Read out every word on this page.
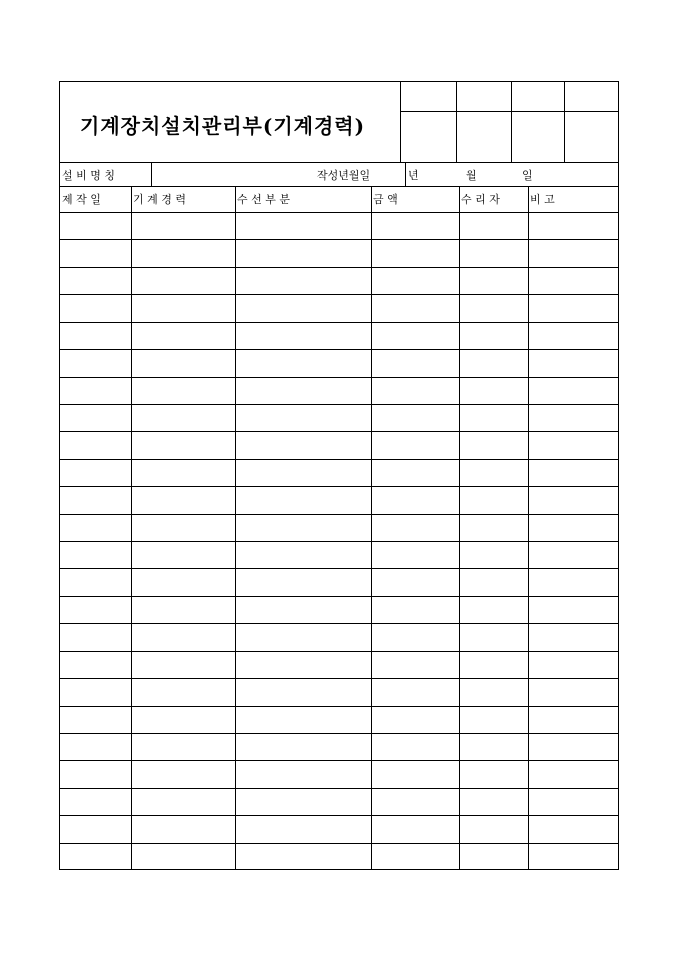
기계장치설치관리부(기계경력)
설 비 명 칭	작성년월일	년	월	일
제 작 일	기 계 경 력	수 선 부 분	금 액	수 리 자	비 고
